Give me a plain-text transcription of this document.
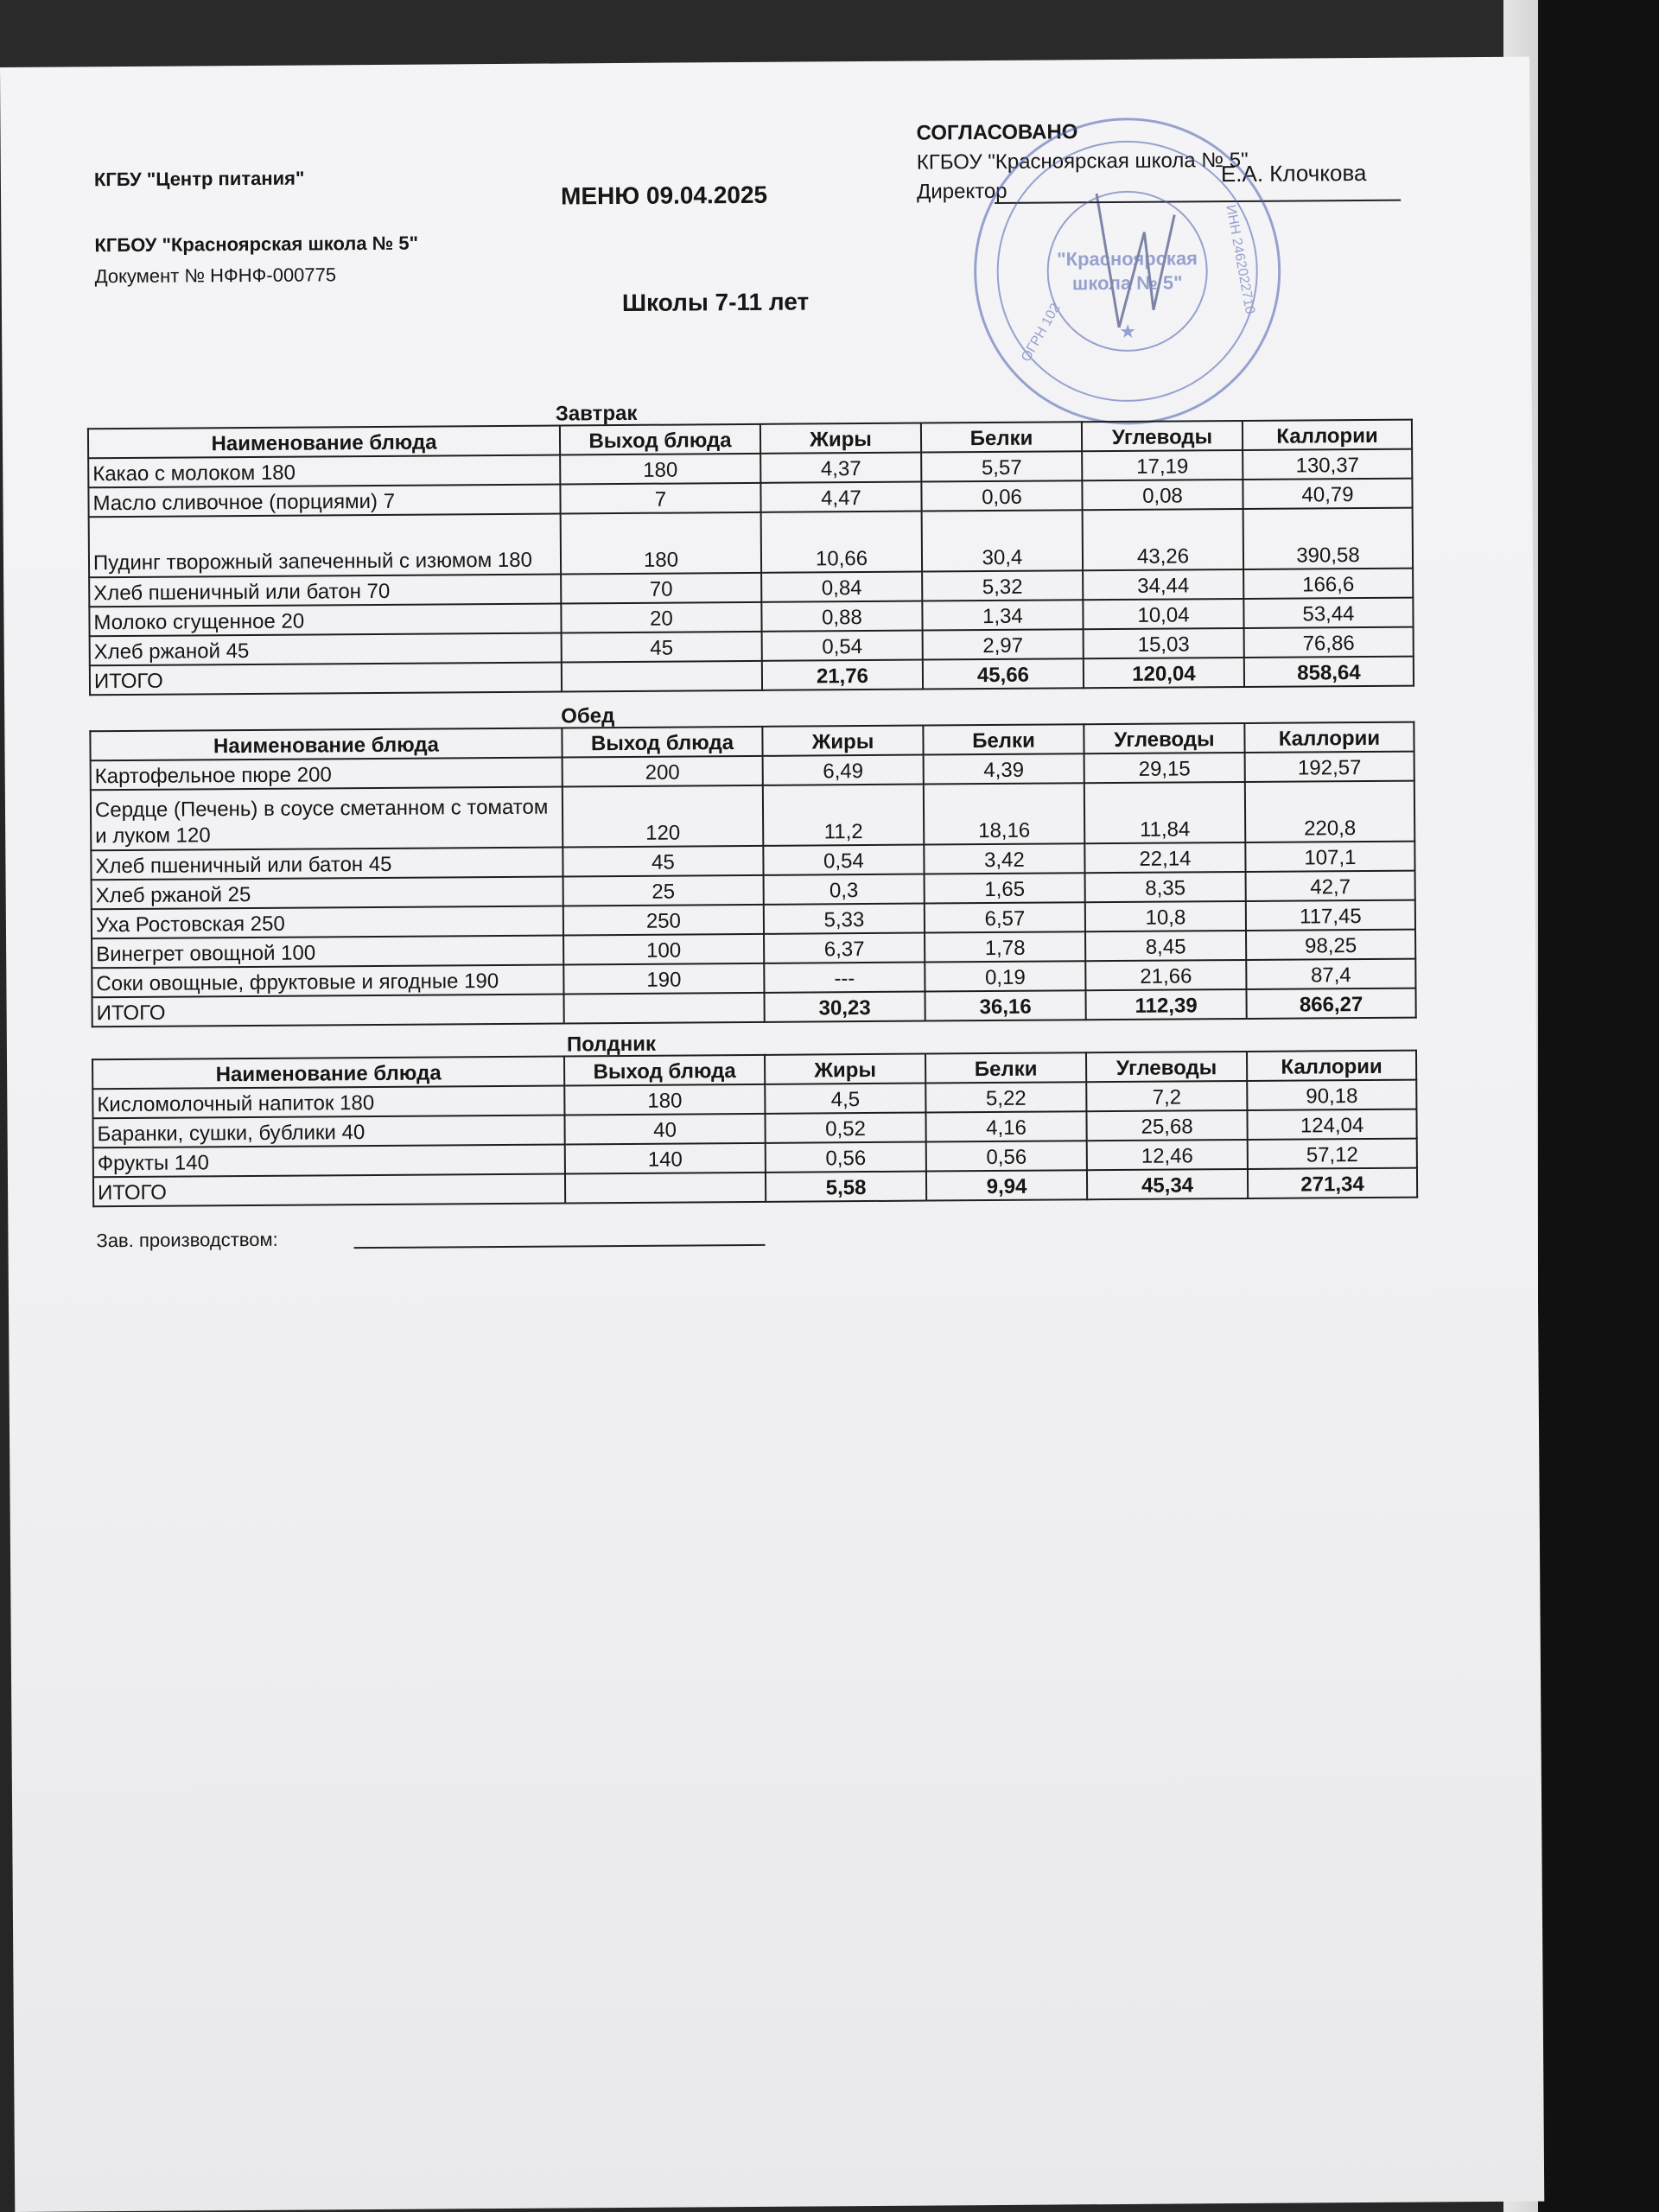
КГБУ "Центр питания"
КГБОУ "Красноярская школа № 5"
Документ № НФНФ-000775
МЕНЮ 09.04.2025
Школы 7-11 лет
СОГЛАСОВАНО
КГБОУ "Красноярская школа № 5"
Директор
Е.А. Клочкова
"Красноярская
школа № 5"
ОГРН 102
ИНН 2462022710
★
Завтрак
Наименование блюда	Выход блюда	Жиры	Белки	Углеводы	Каллории
Какао с молоком 180	180	4,37	5,57	17,19	130,37
Масло сливочное (порциями) 7	7	4,47	0,06	0,08	40,79
Пудинг творожный запеченный с изюмом 180	180	10,66	30,4	43,26	390,58
Хлеб пшеничный или батон 70	70	0,84	5,32	34,44	166,6
Молоко сгущенное 20	20	0,88	1,34	10,04	53,44
Хлеб ржаной 45	45	0,54	2,97	15,03	76,86
ИТОГО		21,76	45,66	120,04	858,64
Обед
Наименование блюда	Выход блюда	Жиры	Белки	Углеводы	Каллории
Картофельное пюре 200	200	6,49	4,39	29,15	192,57
Сердце (Печень) в соусе сметанном с томатом и луком 120	120	11,2	18,16	11,84	220,8
Хлеб пшеничный или батон 45	45	0,54	3,42	22,14	107,1
Хлеб ржаной 25	25	0,3	1,65	8,35	42,7
Уха Ростовская 250	250	5,33	6,57	10,8	117,45
Винегрет овощной 100	100	6,37	1,78	8,45	98,25
Соки овощные, фруктовые и ягодные 190	190	---	0,19	21,66	87,4
ИТОГО		30,23	36,16	112,39	866,27
Полдник
Наименование блюда	Выход блюда	Жиры	Белки	Углеводы	Каллории
Кисломолочный напиток 180	180	4,5	5,22	7,2	90,18
Баранки, сушки, бублики 40	40	0,52	4,16	25,68	124,04
Фрукты 140	140	0,56	0,56	12,46	57,12
ИТОГО		5,58	9,94	45,34	271,34
Зав. производством:
